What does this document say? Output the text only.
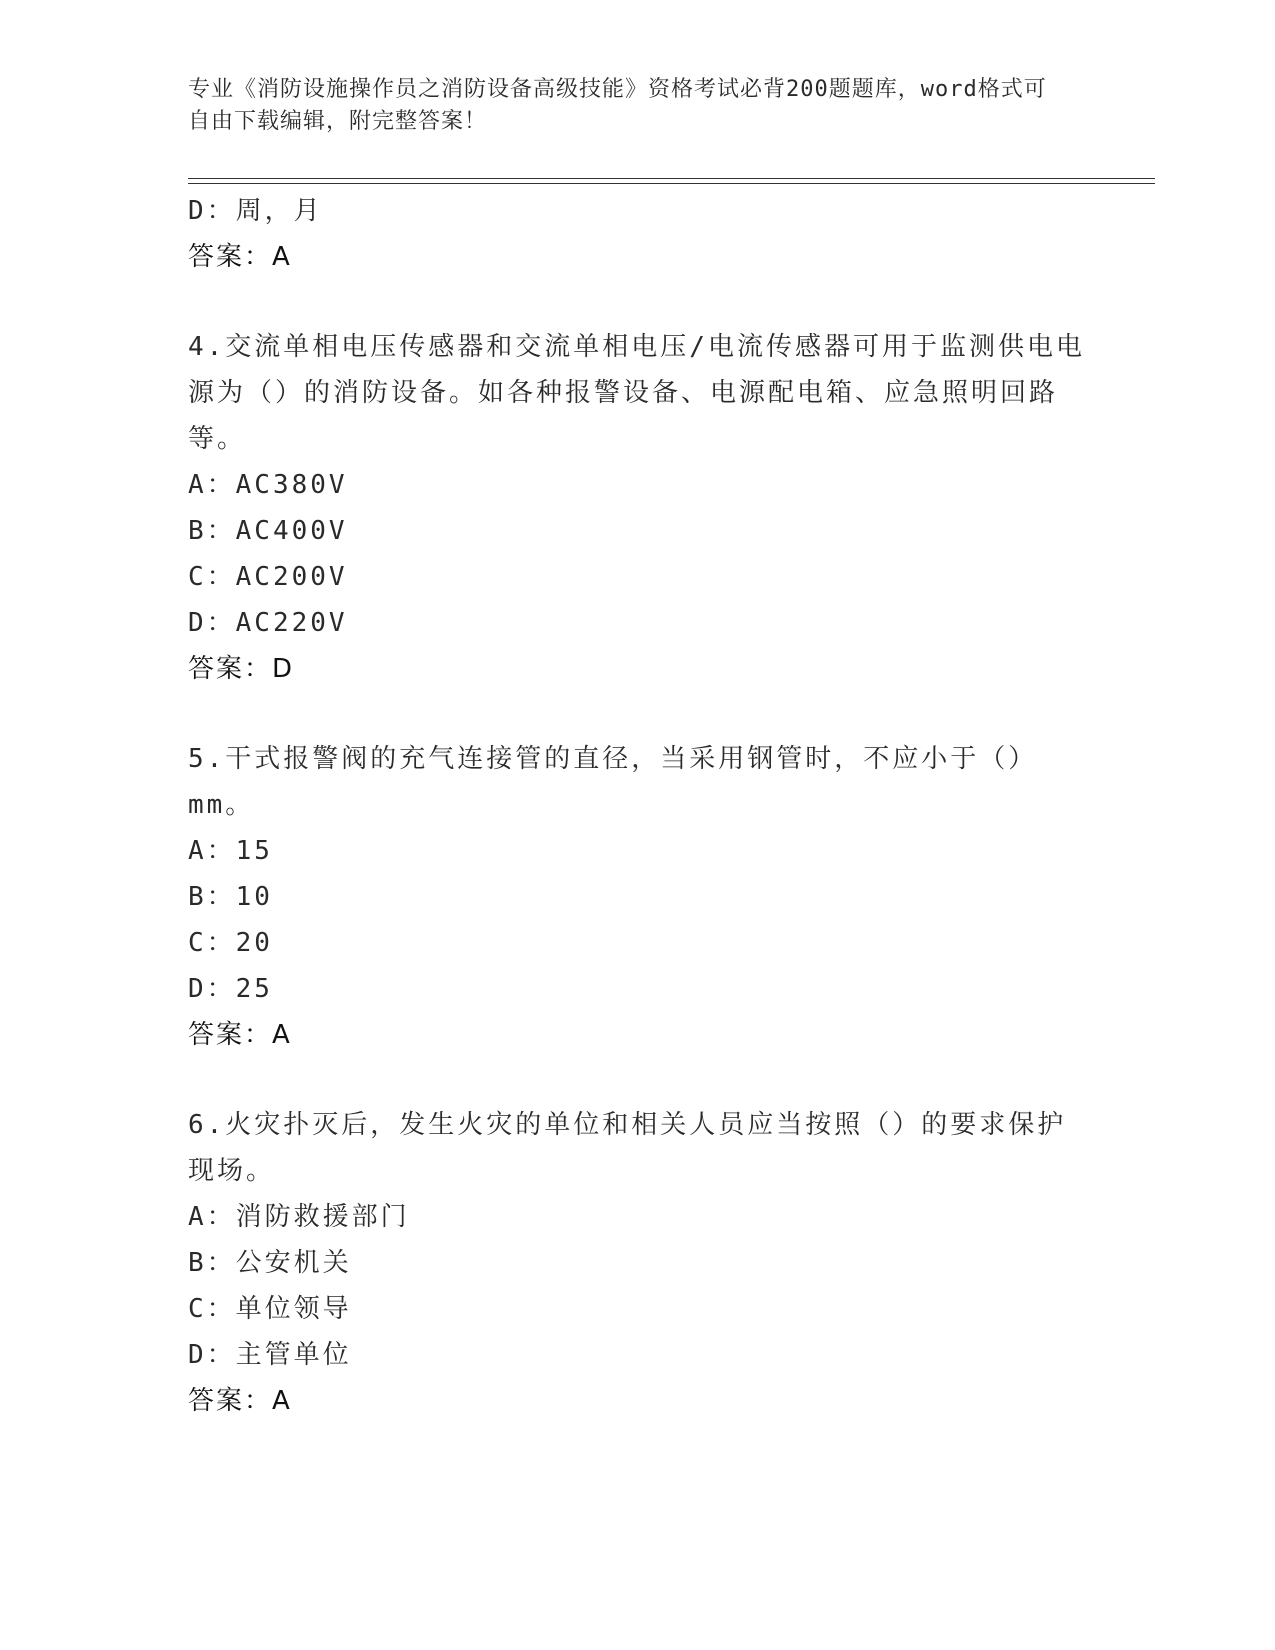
专业《消防设施操作员之消防设备高级技能》资格考试必背200题题库，word格式可自由下载编辑，附完整答案！
D：周，月
答案：A
4.交流单相电压传感器和交流单相电压/电流传感器可用于监测供电电源为（）的消防设备。如各种报警设备、电源配电箱、应急照明回路等。
A：AC380V
B：AC400V
C：AC200V
D：AC220V
答案：D
5.干式报警阀的充气连接管的直径，当采用钢管时，不应小于（）mm。
A：15
B：10
C：20
D：25
答案：A
6.火灾扑灭后，发生火灾的单位和相关人员应当按照（）的要求保护现场。
A：消防救援部门
B：公安机关
C：单位领导
D：主管单位
答案：A
